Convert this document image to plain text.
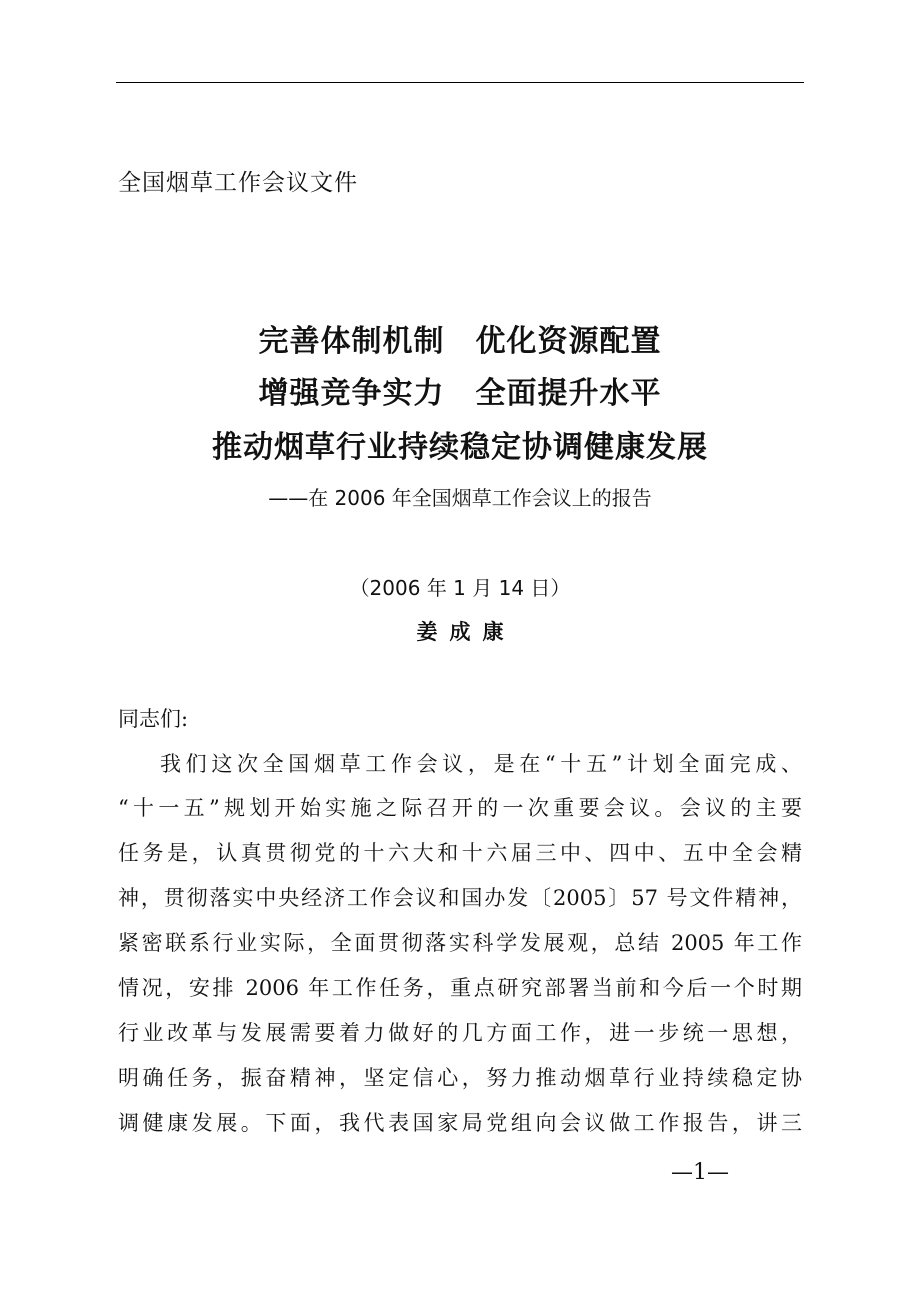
全国烟草工作会议文件
完善体制机制　优化资源配置
增强竞争实力　全面提升水平
推动烟草行业持续稳定协调健康发展
——在 2006 年全国烟草工作会议上的报告
（2006 年 1 月 14 日）
姜成康
同志们:
我们这次全国烟草工作会议，是在“十五”计划全面完成、
“十一五”规划开始实施之际召开的一次重要会议。会议的主要
任务是，认真贯彻党的十六大和十六届三中、四中、五中全会精
神，贯彻落实中央经济工作会议和国办发〔2005〕57 号文件精神，
紧密联系行业实际，全面贯彻落实科学发展观，总结 2005 年工作
情况，安排 2006 年工作任务，重点研究部署当前和今后一个时期
行业改革与发展需要着力做好的几方面工作，进一步统一思想，
明确任务，振奋精神，坚定信心，努力推动烟草行业持续稳定协
调健康发展。下面，我代表国家局党组向会议做工作报告，讲三
—1—
